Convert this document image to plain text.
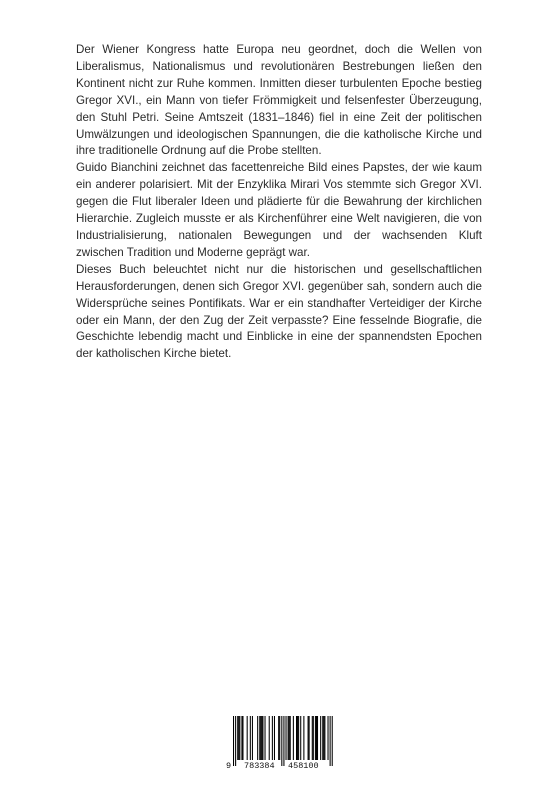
Der Wiener Kongress hatte Europa neu geordnet, doch die Wellen von Liberalismus, Nationalismus und revolutionären Bestrebungen ließen den Kontinent nicht zur Ruhe kommen. Inmitten dieser turbulenten Epoche bestieg Gregor XVI., ein Mann von tiefer Frömmigkeit und felsenfester Überzeugung, den Stuhl Petri. Seine Amtszeit (1831–1846) fiel in eine Zeit der politischen Umwälzungen und ideologischen Spannungen, die die katholische Kirche und ihre traditionelle Ordnung auf die Probe stellten.

Guido Bianchini zeichnet das facettenreiche Bild eines Papstes, der wie kaum ein anderer polarisiert. Mit der Enzyklika Mirari Vos stemmte sich Gregor XVI. gegen die Flut liberaler Ideen und plädierte für die Bewahrung der kirchlichen Hierarchie. Zugleich musste er als Kirchenführer eine Welt navigieren, die von Industrialisierung, nationalen Bewegungen und der wachsenden Kluft zwischen Tradition und Moderne geprägt war.

Dieses Buch beleuchtet nicht nur die historischen und gesellschaftlichen Herausforderungen, denen sich Gregor XVI. gegenüber sah, sondern auch die Widersprüche seines Pontifikats. War er ein standhafter Verteidiger der Kirche oder ein Mann, der den Zug der Zeit verpasste? Eine fesselnde Biografie, die Geschichte lebendig macht und Einblicke in eine der spannendsten Epochen der katholischen Kirche bietet.

9 783384 458100
